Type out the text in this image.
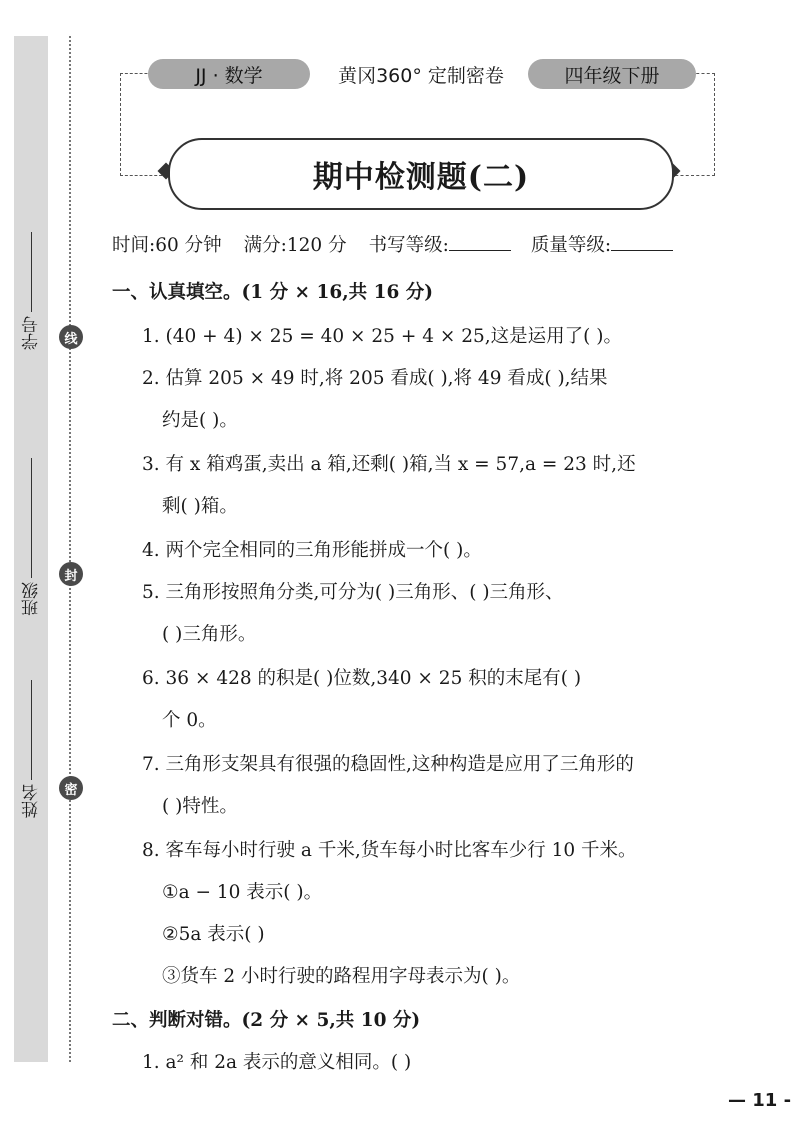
学号
班级
姓名
线
封
密
JJ · 数学	黄冈360° 定制密卷	四年级下册
期中检测题(二)
时间:60 分钟 满分:120 分 书写等级:	质量等级:
一、认真填空。(1 分 × 16,共 16 分)
1. (40 + 4) × 25 = 40 × 25 + 4 × 25,这是运用了( )。
2. 估算 205 × 49 时,将 205 看成( ),将 49 看成( ),结果
约是( )。
3. 有 x 箱鸡蛋,卖出 a 箱,还剩( )箱,当 x = 57,a = 23 时,还
剩( )箱。
4. 两个完全相同的三角形能拼成一个( )。
5. 三角形按照角分类,可分为( )三角形、( )三角形、
( )三角形。
6. 36 × 428 的积是( )位数,340 × 25 积的末尾有( )
个 0。
7. 三角形支架具有很强的稳固性,这种构造是应用了三角形的
( )特性。
8. 客车每小时行驶 a 千米,货车每小时比客车少行 10 千米。
①a − 10 表示( )。
②5a 表示( )
③货车 2 小时行驶的路程用字母表示为( )。
二、判断对错。(2 分 × 5,共 10 分)
1. a² 和 2a 表示的意义相同。( )
— 11 -
